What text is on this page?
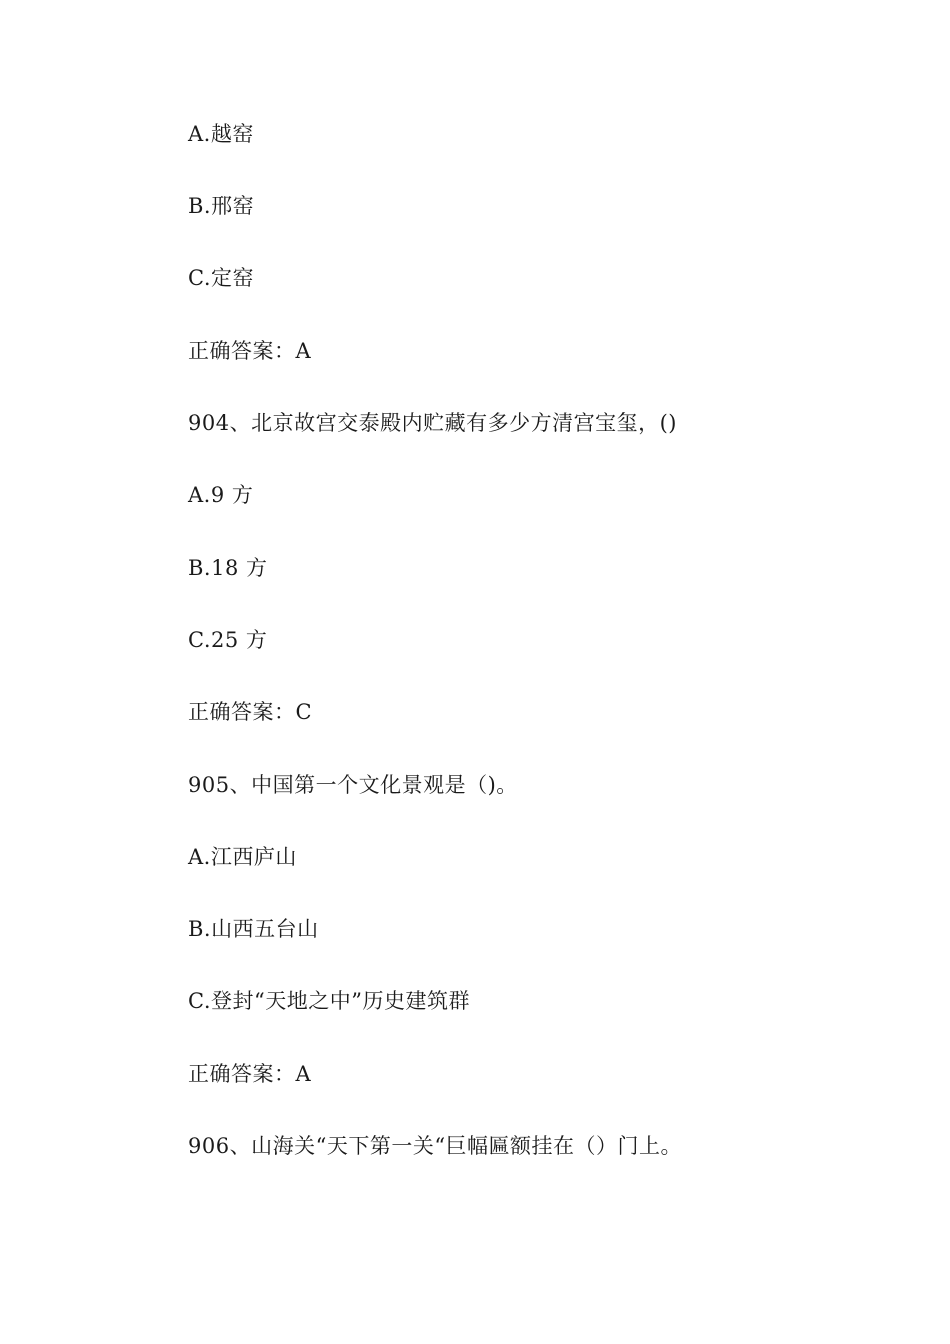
A.越窑
B.邢窑
C.定窑
正确答案：A
904、北京故宫交泰殿内贮藏有多少方清宫宝玺，()
A.9 方
B.18 方
C.25 方
正确答案：C
905、中国第一个文化景观是（)。
A.江西庐山
B.山西五台山
C.登封“天地之中”历史建筑群
正确答案：A
906、山海关“天下第一关“巨幅匾额挂在（）门上。
